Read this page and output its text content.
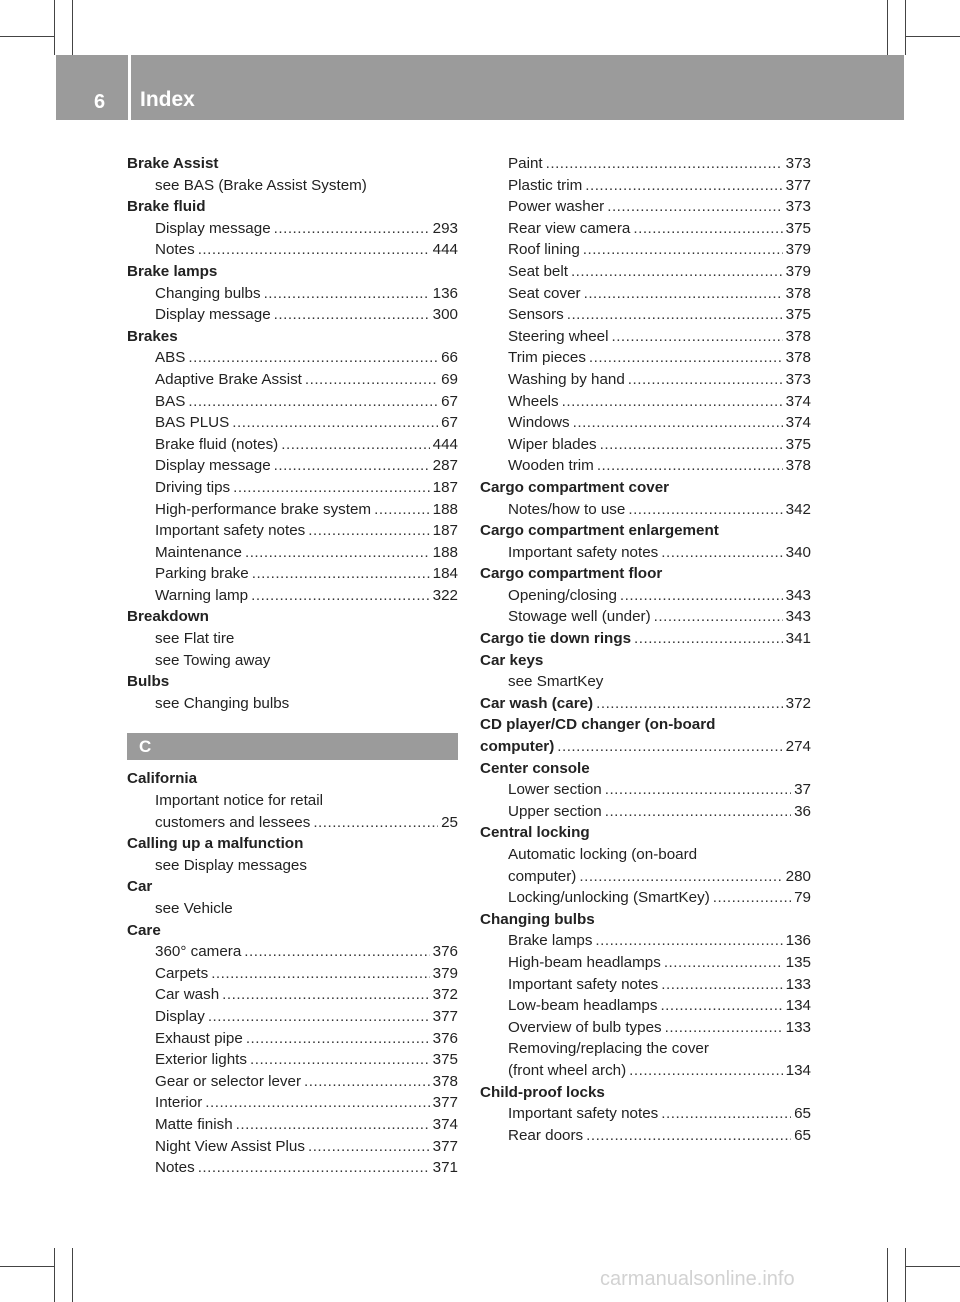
6 Index
Brake Assist
see BAS (Brake Assist System)
Brake fluid
Display message .....	293
Notes .....	444
Brake lamps
Changing bulbs .....	136
Display message .....	300
Brakes
ABS .....	66
Adaptive Brake Assist .....	69
BAS .....	67
BAS PLUS .....	67
Brake fluid (notes) .....	444
Display message .....	287
Driving tips .....	187
High-performance brake system .....	188
Important safety notes .....	187
Maintenance .....	188
Parking brake .....	184
Warning lamp .....	322
Breakdown
see Flat tire
see Towing away
Bulbs
see Changing bulbs
C
California
Important notice for retail
customers and lessees .....	25
Calling up a malfunction
see Display messages
Car
see Vehicle
Care
360° camera .....	376
Carpets .....	379
Car wash .....	372
Display .....	377
Exhaust pipe .....	376
Exterior lights .....	375
Gear or selector lever .....	378
Interior .....	377
Matte finish .....	374
Night View Assist Plus .....	377
Notes .....	371
Paint .....	373
Plastic trim .....	377
Power washer .....	373
Rear view camera .....	375
Roof lining .....	379
Seat belt .....	379
Seat cover .....	378
Sensors .....	375
Steering wheel .....	378
Trim pieces .....	378
Washing by hand .....	373
Wheels .....	374
Windows .....	374
Wiper blades .....	375
Wooden trim .....	378
Cargo compartment cover
Notes/how to use .....	342
Cargo compartment enlargement
Important safety notes .....	340
Cargo compartment floor
Opening/closing .....	343
Stowage well (under) .....	343
Cargo tie down rings .....	341
Car keys
see SmartKey
Car wash (care) .....	372
CD player/CD changer (on-board
computer) .....	274
Center console
Lower section .....	37
Upper section .....	36
Central locking
Automatic locking (on-board
computer) .....	280
Locking/unlocking (SmartKey) .....	79
Changing bulbs
Brake lamps .....	136
High-beam headlamps .....	135
Important safety notes .....	133
Low-beam headlamps .....	134
Overview of bulb types .....	133
Removing/replacing the cover
(front wheel arch) .....	134
Child-proof locks
Important safety notes .....	65
Rear doors .....	65
carmanualsonline.info
